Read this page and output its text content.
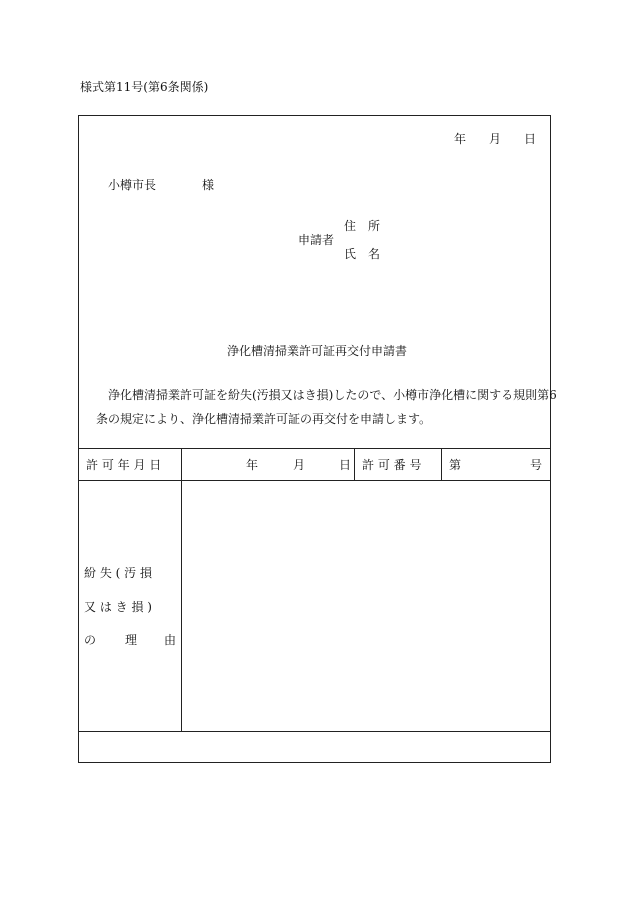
様式第11号(第6条関係)
年 月 日
小樽市長	様
住　所
申請者
氏　名
浄化槽清掃業許可証再交付申請書
浄化槽清掃業許可証を紛失(汚損又はき損)したので、小樽市浄化槽に関する規則第6
条の規定により、浄化槽清掃業許可証の再交付を申請します。
許 可 年 月 日	年	月	日 許 可 番 号 第	号
紛 失 ( 汚 損
又 は き 損 )
の 理 由
